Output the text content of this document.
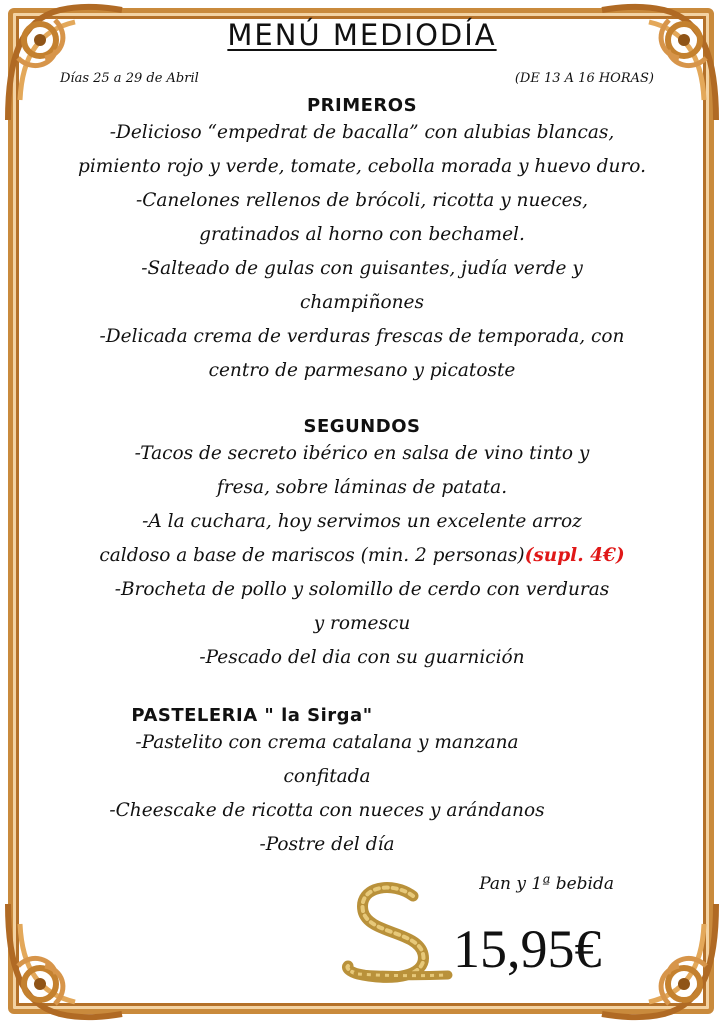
MENÚ MEDIODÍA
Días 25 a 29 de Abril	(DE 13 A 16 HORAS)
PRIMEROS

-Delicioso “empedrat de bacalla” con alubias blancas,

pimiento rojo y verde, tomate, cebolla morada y huevo duro.

-Canelones rellenos de brócoli, ricotta y nueces,

gratinados al horno con bechamel.

-Salteado de gulas con guisantes, judía verde y

champiñones

-Delicada crema de verduras frescas de temporada, con

centro de parmesano y picatoste

SEGUNDOS

-Tacos de secreto ibérico en salsa de vino tinto y

fresa, sobre láminas de patata.

-A la cuchara, hoy servimos un excelente arroz

caldoso a base de mariscos (min. 2 personas)(supl. 4€)

-Brocheta de pollo y solomillo de cerdo con verduras

y romescu

-Pescado del dia con su guarnición

PASTELERIA " la Sirga"

-Pastelito con crema catalana y manzana

confitada

-Cheescake de ricotta con nueces y arándanos

-Postre del día

Pan y 1ª bebida
15,95€
